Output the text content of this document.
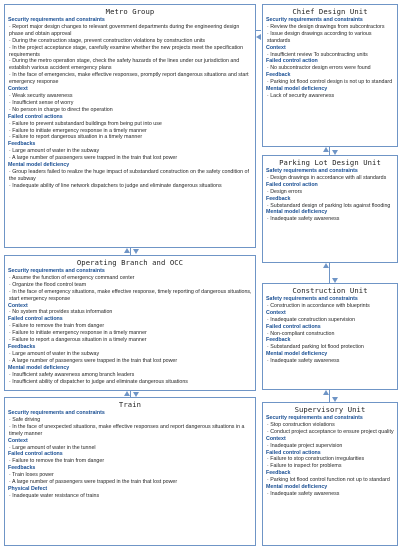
Metro Group
Security requirements and constraints
· Report major design changes to relevant government departments during the engineering design phase and obtain approval
· During the construction stage, prevent construction violations by construction units
· In the project acceptance stage, carefully examine whether the new projects meet the specification requirements
· During the metro operation stage, check the safety hazards of the lines under our jurisdiction and establish various accident emergency plans
· In the face of emergencies, make effective responses, promptly report dangerous situations and start emergency response
Context
· Weak security awareness
· Insufficient sense of worry
· No person in charge to direct the operation
Failed control actions
· Failure to prevent substandard buildings from being put into use
· Failure to initiate emergency response in a timely manner
· Failure to report dangerous situation in a timely manner
Feedbacks
· Large amount of water in the subway
· A large number of passengers were trapped in the train that lost power
Mental model deficiency
· Group leaders failed to realize the huge impact of substandard construction on the safety condition of the subway
· Inadequate ability of line network dispatchers to judge and eliminate dangerous situations
Chief Design Unit
Security requirements and constraints
· Review the design drawings from subcontractors
· Issue design drawings according to various standards
Context
· Insufficient review To subcontracting units
Failed control action
· No subcontractor design errors were found
Feedback
· Parking lot flood control design is not up to standard
Mental model deficiency
· Lack of security awareness
Parking Lot Design Unit
Safety requirements and constraints
· Design drawings in accordance with all standards
Failed control action
· Design errors
Feedback
· Substandard design of parking lots against flooding
Mental model deficiency
· Inadequate safety awareness
Operating Branch and OCC
Security requirements and constraints
· Assume the function of emergency command center
· Organize the flood control team
· In the face of emergency situations, make effective response, timely reporting of dangerous situations, start emergency response
Context
· No system that provides status information
Failed control actions
· Failure to remove the train from danger
· Failure to initiate emergency response in a timely manner
· Failure to report a dangerous situation in a timely manner
Feedbacks
· Large amount of water in the subway
· A large number of passengers were trapped in the train that lost power
Mental model deficiency
· Insufficient safety awareness among branch leaders
· Insufficient ability of dispatcher to judge and eliminate dangerous situations
Construction Unit
Safety requirements and constraints
· Construction in accordance with blueprints
Context
· Inadequate construction supervision
Failed control actions
· Non-compliant construction
Feedback
· Substandard parking lot flood protection
Mental model deficiency
· Inadequate safety awareness
Train
Security requirements and constraints
· Safe driving
· In the face of unexpected situations, make effective responses and report dangerous situations in a timely manner
Context
· Large amount of water in the tunnel
Failed control actions
· Failure to remove the train from danger
Feedbacks
· Train loses power
· A large number of passengers were trapped in the train that lost power
Physical Defect
· Inadequate water resistance of trains
Supervisory Unit
Security requirements and constraints
· Stop construction violations
· Conduct project acceptance to ensure project quality
Context
· Inadequate project supervision
Failed control actions
· Failure to stop construction irregularities
· Failure to inspect for problems
Feedback
· Parking lot flood control function not up to standard
Mental model deficiency
· Inadequate safety awareness
